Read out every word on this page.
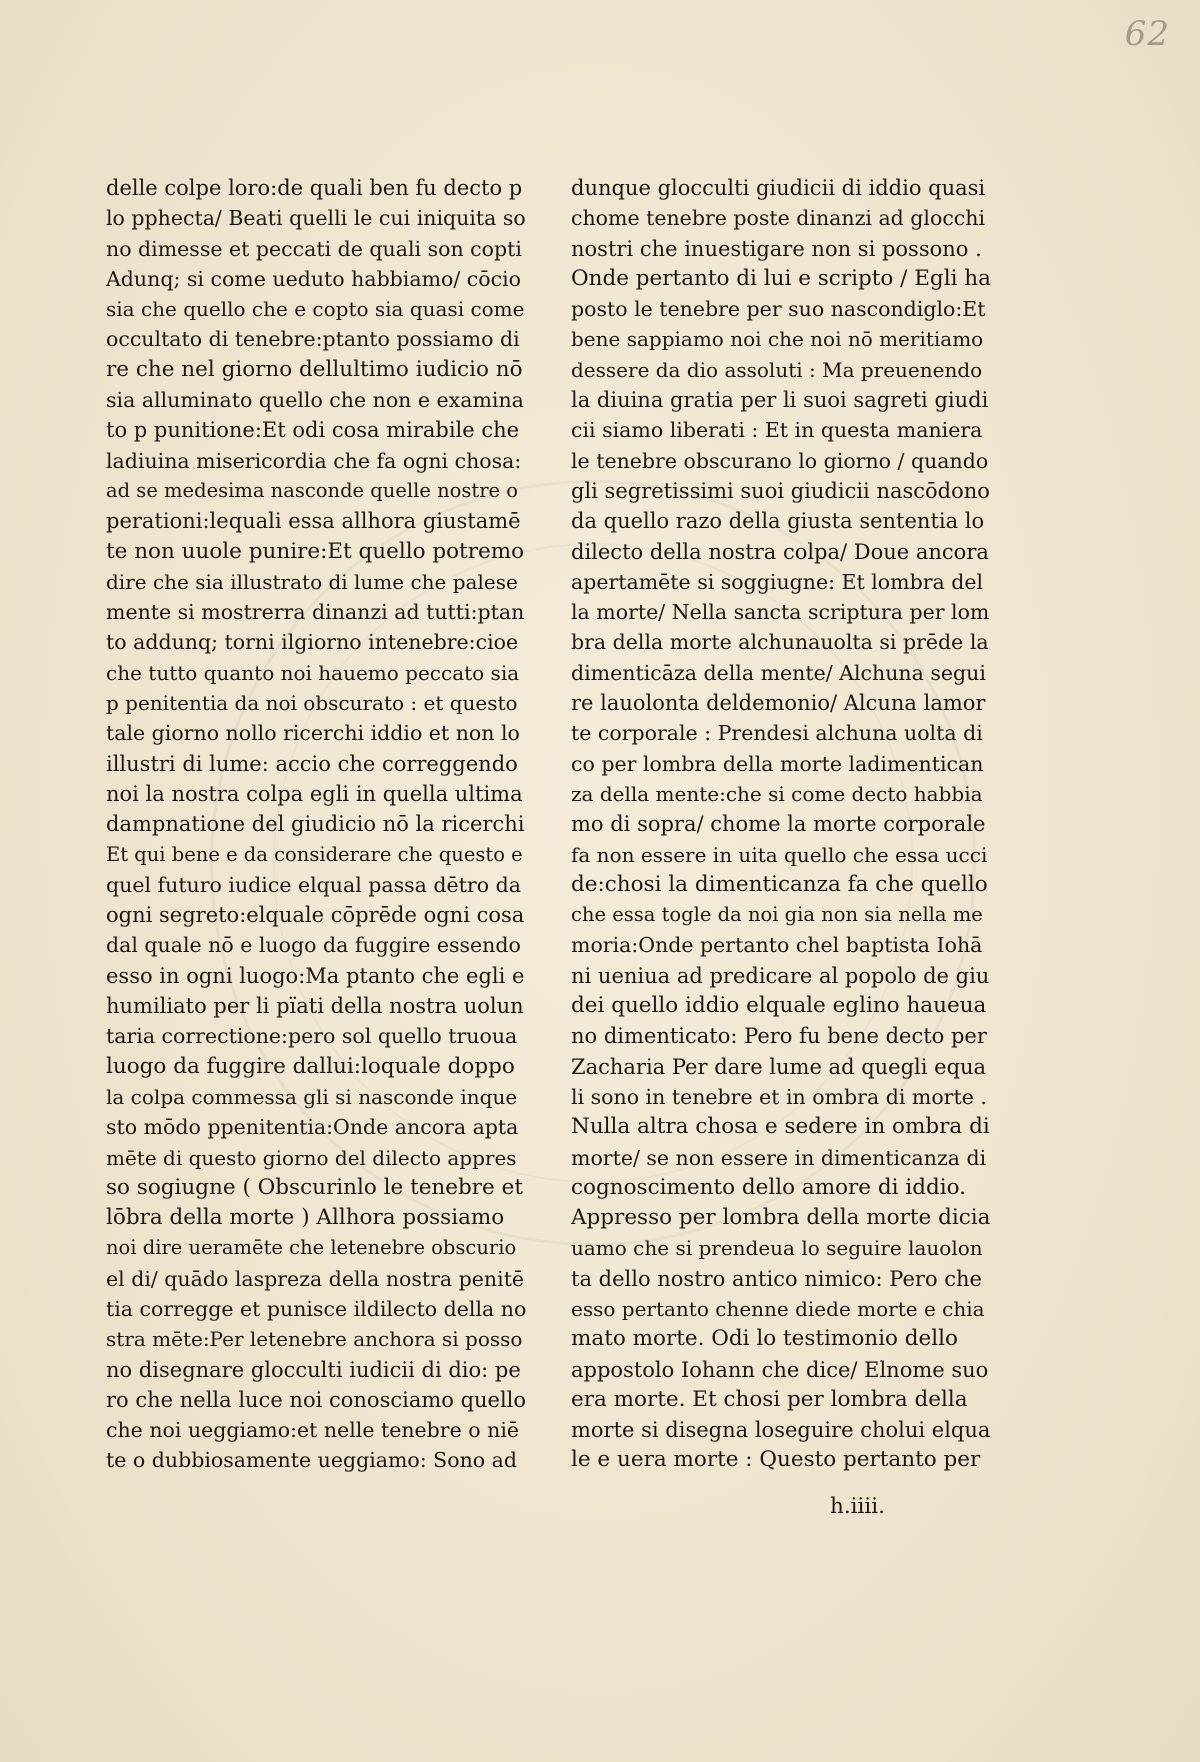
62
delle colpe loro:de quali ben fu decto p
lo pphecta/ Beati quelli le cui iniquita so
no dimesse et peccati de quali son copti
Adunq; si come ueduto habbiamo/ cōcio
sia che quello che e copto sia quasi come
occultato di tenebre:ptanto possiamo di
re che nel giorno dellultimo iudicio nō
sia alluminato quello che non e examina
to p punitione:Et odi cosa mirabile che
ladiuina misericordia che fa ogni chosa:
ad se medesima nasconde quelle nostre o
perationi:lequali essa allhora giustamē
te non uuole punire:Et quello potremo
dire che sia illustrato di lume che palese
mente si mostrerra dinanzi ad tutti:ptan
to addunq; torni ilgiorno intenebre:cioe
che tutto quanto noi hauemo peccato sia
p penitentia da noi obscurato : et questo
tale giorno nollo ricerchi iddio et non lo
illustri di lume: accio che correggendo
noi la nostra colpa egli in quella ultima
dampnatione del giudicio nō la ricerchi
Et qui bene e da considerare che questo e
quel futuro iudice elqual passa dētro da
ogni segreto:elquale cōprēde ogni cosa
dal quale nō e luogo da fuggire essendo
esso in ogni luogo:Ma ptanto che egli e
humiliato per li pїati della nostra uolun
taria correctione:pero sol quello truoua
luogo da fuggire dallui:loquale doppo
la colpa commessa gli si nasconde inque
sto mōdo ppenitentia:Onde ancora apta
mēte di questo giorno del dilecto appres
so sogiugne ( Obscurinlo le tenebre et
lōbra della morte ) Allhora possiamo
noi dire ueramēte che letenebre obscurio
el di/ quādo laspreza della nostra penitē
tia corregge et punisce ildilecto della no
stra mēte:Per letenebre anchora si posso
no disegnare glocculti iudicii di dio: pe
ro che nella luce noi conosciamo quello
che noi ueggiamo:et nelle tenebre o niē
te o dubbiosamente ueggiamo: Sono ad
dunque glocculti giudicii di iddio quasi
chome tenebre poste dinanzi ad glocchi
nostri che inuestigare non si possono .
Onde pertanto di lui e scripto / Egli ha
posto le tenebre per suo nascondiglo:Et
bene sappiamo noi che noi nō meritiamo
dessere da dio assoluti : Ma preuenendo
la diuina gratia per li suoi sagreti giudi
cii siamo liberati : Et in questa maniera
le tenebre obscurano lo giorno / quando
gli segretissimi suoi giudicii nascōdono
da quello razo della giusta sententia lo
dilecto della nostra colpa/ Doue ancora
apertamēte si soggiugne: Et lombra del
la morte/ Nella sancta scriptura per lom
bra della morte alchunauolta si prēde la
dimenticāza della mente/ Alchuna segui
re lauolonta deldemonio/ Alcuna lamor
te corporale : Prendesi alchuna uolta di
co per lombra della morte ladimentican
za della mente:che si come decto habbia
mo di sopra/ chome la morte corporale
fa non essere in uita quello che essa ucci
de:chosi la dimenticanza fa che quello
che essa togle da noi gia non sia nella me
moria:Onde pertanto chel baptista Iohā
ni ueniua ad predicare al popolo de giu
dei quello iddio elquale eglino haueua
no dimenticato: Pero fu bene decto per
Zacharia Per dare lume ad quegli equa
li sono in tenebre et in ombra di morte .
Nulla altra chosa e sedere in ombra di
morte/ se non essere in dimenticanza di
cognoscimento dello amore di iddio.
Appresso per lombra della morte dicia
uamo che si prendeua lo seguire lauolon
ta dello nostro antico nimico: Pero che
esso pertanto chenne diede morte e chia
mato morte. Odi lo testimonio dello
appostolo Iohann che dice/ Elnome suo
era morte. Et chosi per lombra della
morte si disegna loseguire cholui elqua
le e uera morte : Questo pertanto per
h.iiii.
